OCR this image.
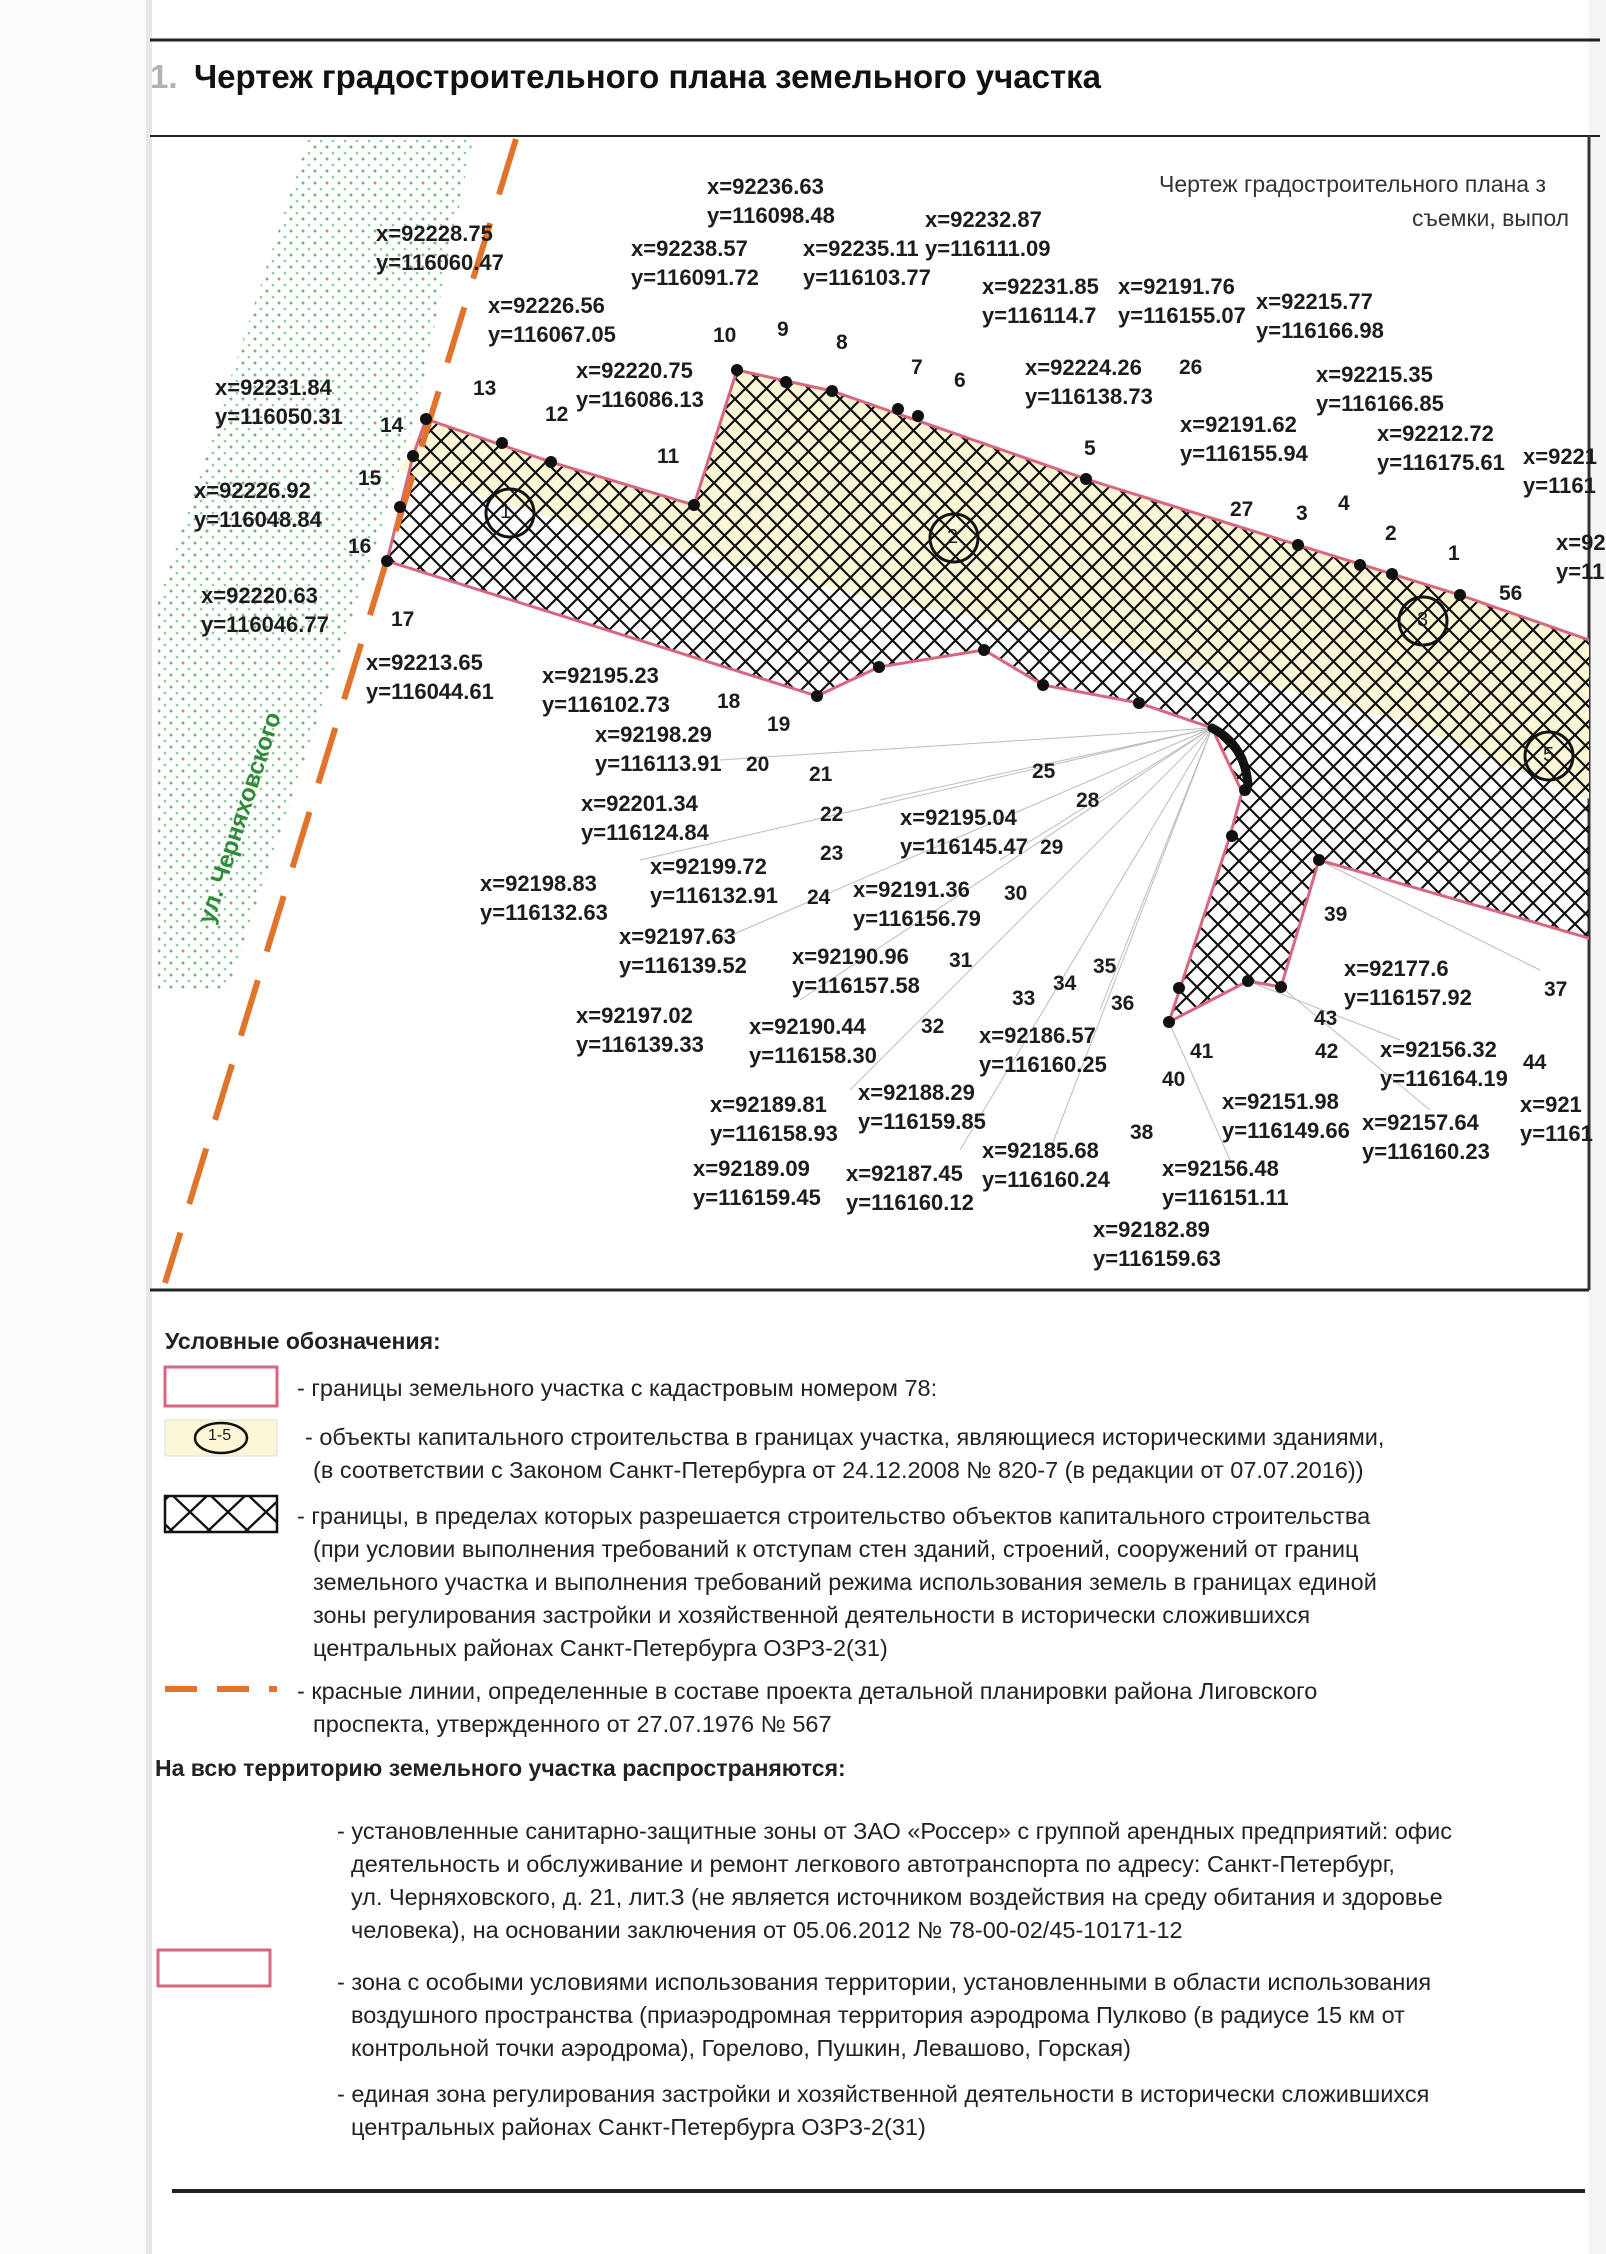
1. Чертеж градостроительного плана земельного участка
Чертеж градостроительного плана з
съемки, выпол
ул. Черняховского
1
2
3
5
x=92236.63
y=116098.48
x=92228.75
y=116060.47
x=92238.57
y=116091.72
x=92235.11
y=116103.77
x=92232.87
y=116111.09
x=92226.56
y=116067.05
x=92231.85
y=116114.7
x=92191.76
y=116155.07
x=92215.77
y=116166.98
x=92220.75
y=116086.13
x=92224.26
y=116138.73
x=92215.35
y=116166.85
x=92231.84
y=116050.31	x=92191.62
y=116155.94
x=92212.72
y=116175.61 x=9221
y=1161
x=92226.92
y=116048.84
x=92
y=11
x=92220.63
y=116046.77
x=92213.65
y=116044.61
x=92195.23
y=116102.73
x=92198.29
y=116113.91
x=92201.34
y=116124.84
x=92195.04
y=116145.47
x=92199.72
y=116132.91
x=92198.83
y=116132.63
x=92191.36
y=116156.79
x=92197.63
y=116139.52 x=92190.96
y=116157.58
x=92177.6
y=116157.92
x=92197.02
y=116139.33
x=92190.44
y=116158.30
x=92186.57
y=116160.25
x=92156.32
y=116164.19
x=92189.81
y=116158.93
x=92188.29
y=116159.85
x=92151.98
y=116149.66 x=92157.64
y=116160.23
x=921
y=1161
x=92185.68
y=116160.24
x=92189.09
y=116159.45
x=92187.45
y=116160.12
x=92156.48
y=116151.11
x=92182.89
y=116159.63
13
14
15
16
17
12
11
10 9
8
7
6
5
26
27 3 4
2
1
56
18
19
20 21
22
23
24
25
28
29
30
31
32
33
34
35
36
37
38
39
40
41	42
43
44
Условные обозначения:
1-5
- границы земельного участка с кадастровым номером 78:
- объекты капитального строительства в границах участка, являющиеся историческими зданиями,
(в соответствии с Законом Санкт-Петербурга от 24.12.2008 № 820-7 (в редакции от 07.07.2016))
- границы, в пределах которых разрешается строительство объектов капитального строительства
(при условии выполнения требований к отступам стен зданий, строений, сооружений от границ
земельного участка и выполнения требований режима использования земель в границах единой
зоны регулирования застройки и хозяйственной деятельности в исторически сложившихся
центральных районах Санкт-Петербурга ОЗРЗ-2(31)
- красные линии, определенные в составе проекта детальной планировки района Лиговского
проспекта, утвержденного от 27.07.1976 № 567
На всю территорию земельного участка распространяются:
- установленные санитарно-защитные зоны от ЗАО «Россер» с группой арендных предприятий: офис
деятельность и обслуживание и ремонт легкового автотранспорта по адресу: Санкт-Петербург,
ул. Черняховского, д. 21, лит.З (не является источником воздействия на среду обитания и здоровье
человека), на основании заключения от 05.06.2012 № 78-00-02/45-10171-12
- зона с особыми условиями использования территории, установленными в области использования
воздушного пространства (приаэродромная территория аэродрома Пулково (в радиусе 15 км от
контрольной точки аэродрома), Горелово, Пушкин, Левашово, Горская)
- единая зона регулирования застройки и хозяйственной деятельности в исторически сложившихся
центральных районах Санкт-Петербурга ОЗРЗ-2(31)
